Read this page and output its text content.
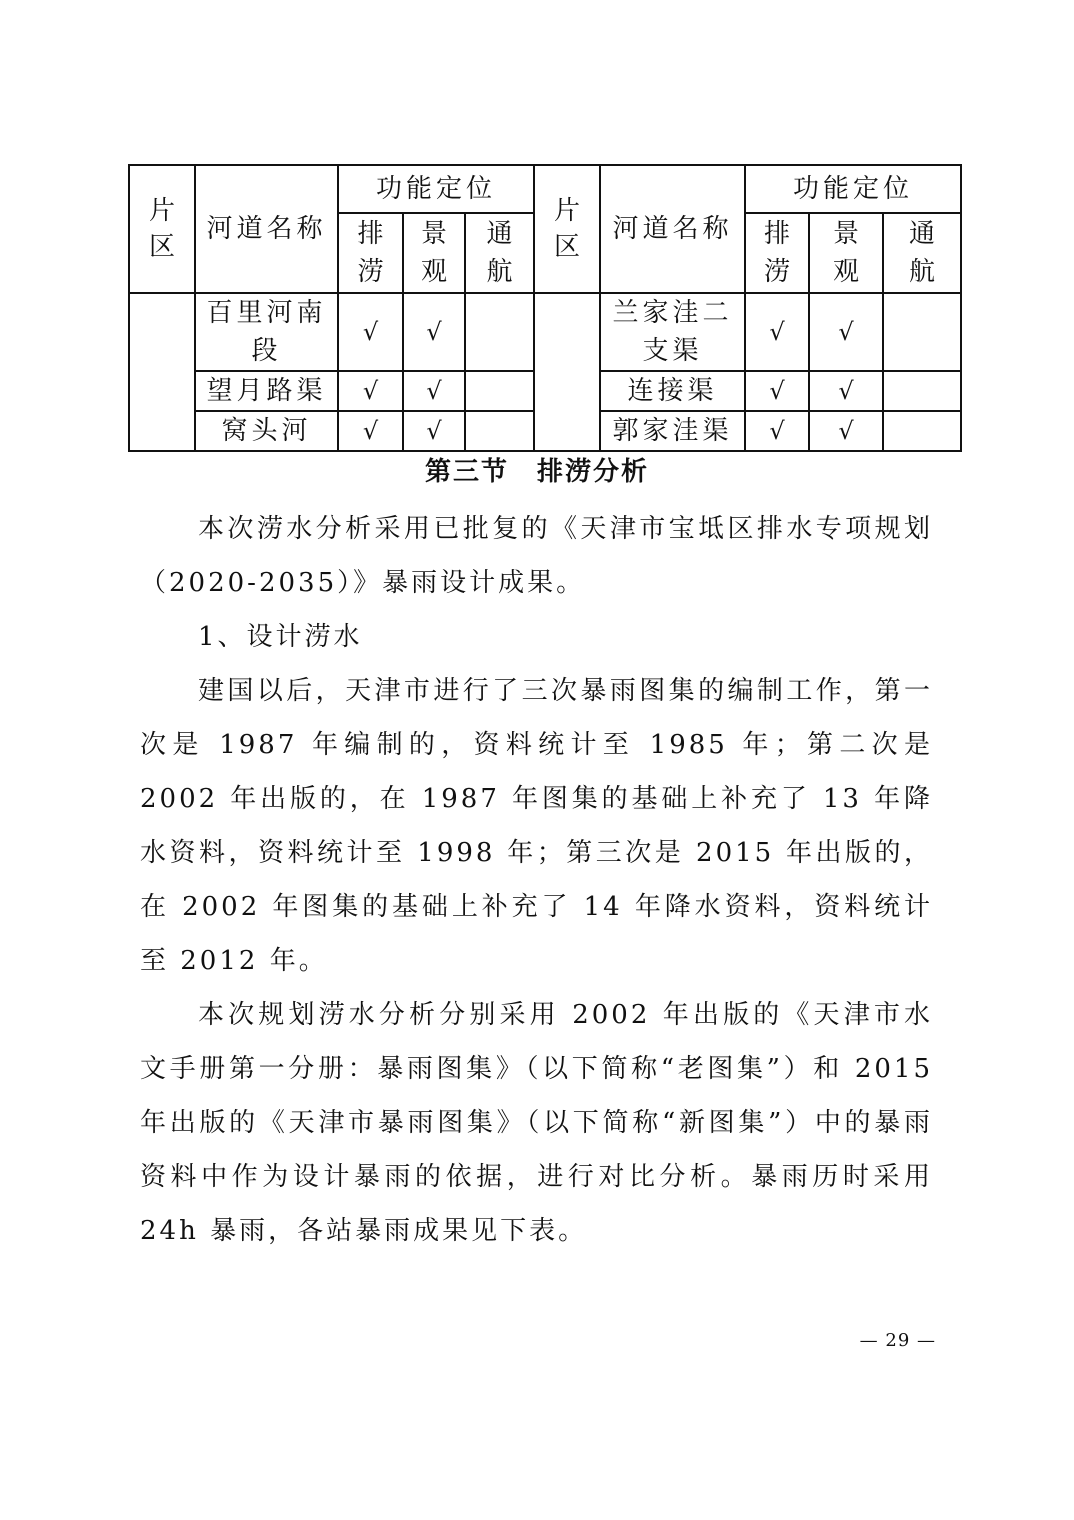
片区	河道名称	功能定位			片区	河道名称	功能定位		
		排涝	景观	通航			排涝	景观	通航
	百里河南段	√	√			兰家洼二支渠	√	√	
	望月路渠	√	√			连接渠	√	√	
	窝头河	√	√			郭家洼渠	√	√	
第三节　排涝分析

本次涝水分析采用已批复的《天津市宝坻区排水专项规划（2020-2035）》暴雨设计成果。

1、设计涝水

建国以后，天津市进行了三次暴雨图集的编制工作，第一次是 1987 年编制的，资料统计至 1985 年；第二次是 2002 年出版的，在 1987 年图集的基础上补充了 13 年降水资料，资料统计至 1998 年；第三次是 2015 年出版的，在 2002 年图集的基础上补充了 14 年降水资料，资料统计至 2012 年。

本次规划涝水分析分别采用 2002 年出版的《天津市水文手册第一分册：暴雨图集》（以下简称“老图集”）和 2015 年出版的《天津市暴雨图集》（以下简称“新图集”）中的暴雨资料中作为设计暴雨的依据，进行对比分析。暴雨历时采用 24h 暴雨，各站暴雨成果见下表。

— 29 —
